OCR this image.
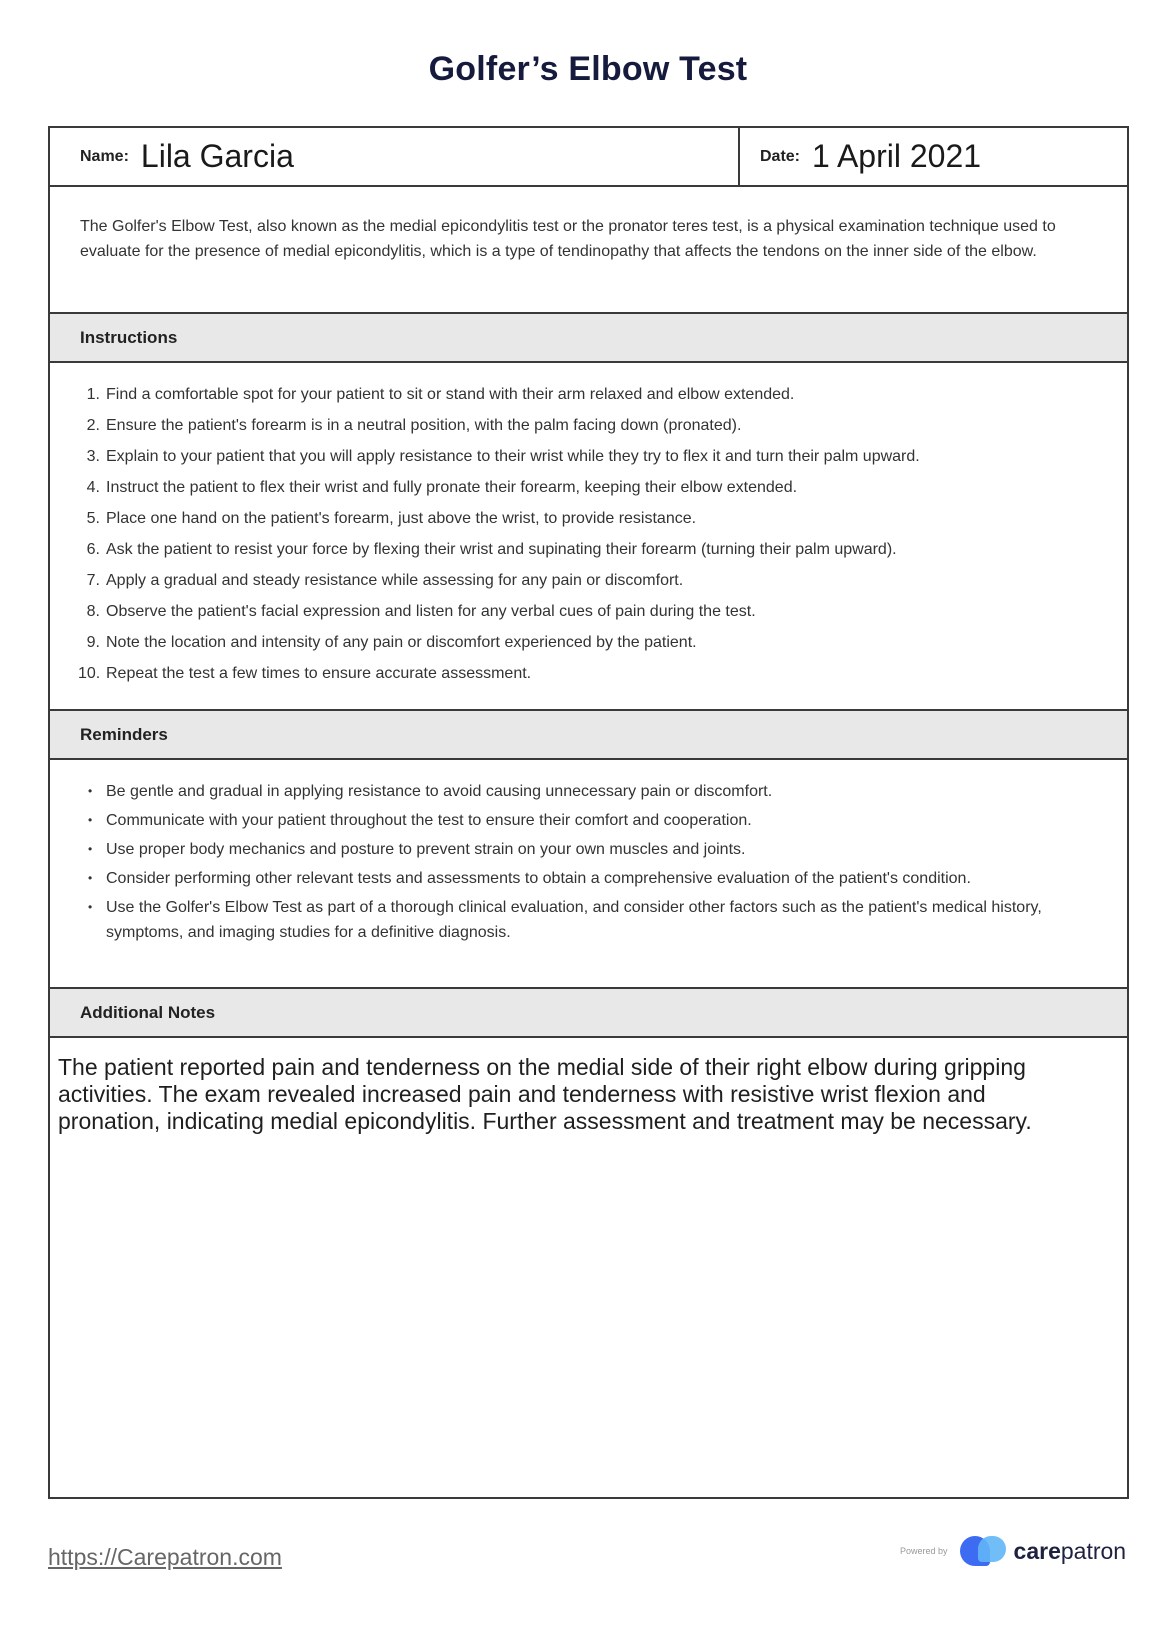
Golfer’s Elbow Test
Name: Lila Garcia	Date: 1 April 2021
The Golfer's Elbow Test, also known as the medial epicondylitis test or the pronator teres test, is a physical examination technique used to evaluate for the presence of medial epicondylitis, which is a type of tendinopathy that affects the tendons on the inner side of the elbow.
Instructions
1. Find a comfortable spot for your patient to sit or stand with their arm relaxed and elbow extended.
2. Ensure the patient's forearm is in a neutral position, with the palm facing down (pronated).
3. Explain to your patient that you will apply resistance to their wrist while they try to flex it and turn their palm upward.
4. Instruct the patient to flex their wrist and fully pronate their forearm, keeping their elbow extended.
5. Place one hand on the patient's forearm, just above the wrist, to provide resistance.
6. Ask the patient to resist your force by flexing their wrist and supinating their forearm (turning their palm upward).
7. Apply a gradual and steady resistance while assessing for any pain or discomfort.
8. Observe the patient's facial expression and listen for any verbal cues of pain during the test.
9. Note the location and intensity of any pain or discomfort experienced by the patient.
10. Repeat the test a few times to ensure accurate assessment.
Reminders
• Be gentle and gradual in applying resistance to avoid causing unnecessary pain or discomfort.
• Communicate with your patient throughout the test to ensure their comfort and cooperation.
• Use proper body mechanics and posture to prevent strain on your own muscles and joints.
• Consider performing other relevant tests and assessments to obtain a comprehensive evaluation of the patient's condition.
• Use the Golfer's Elbow Test as part of a thorough clinical evaluation, and consider other factors such as the patient's medical history, symptoms, and imaging studies for a definitive diagnosis.
Additional Notes
The patient reported pain and tenderness on the medial side of their right elbow during gripping activities. The exam revealed increased pain and tenderness with resistive wrist flexion and pronation, indicating medial epicondylitis. Further assessment and treatment may be necessary.
https://Carepatron.com	Powered by	carepatron
